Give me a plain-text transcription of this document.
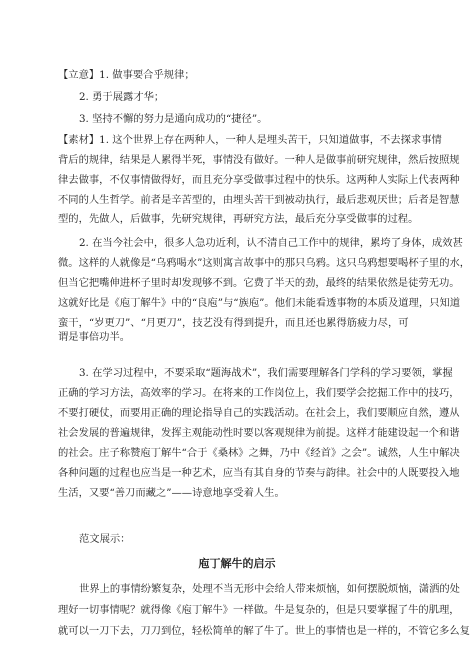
【立意】1. 做事要合乎规律；
2. 勇于展露才华；
3. 坚持不懈的努力是通向成功的“捷径”。
【素材】1. 这个世界上存在两种人，一种人是埋头苦干，只知道做事，不去探求事情
背后的规律，结果是人累得半死，事情没有做好。一种人是做事前研究规律，然后按照规
律去做事，不仅事情做得好，而且充分享受做事过程中的快乐。这两种人实际上代表两种
不同的人生哲学。前者是辛苦型的，由埋头苦干到被动执行，最后悲观厌世；后者是智慧
型的，先做人，后做事，先研究规律，再研究方法，最后充分享受做事的过程。
2. 在当今社会中，很多人急功近利，认不清自己工作中的规律，累垮了身体，成效甚
微。这样的人就像是“乌鸦喝水”这则寓言故事中的那只乌鸦。这只乌鸦想要喝杯子里的水，
但当它把嘴伸进杯子里时却发现够不到。它费了半天的劲，最终的结果依然是徒劳无功。
这就好比是《庖丁解牛》中的“良庖”与“族庖”。他们未能看透事物的本质及道理，只知道
蛮干，“岁更刀”、“月更刀”，技艺没有得到提升，而且还也累得筋疲力尽，可谓是事倍功半。
3. 在学习过程中，不要采取“题海战术”，我们需要理解各门学科的学习要领，掌握
正确的学习方法，高效率的学习。在将来的工作岗位上，我们要学会挖掘工作中的技巧，
不要打硬仗，而要用正确的理论指导自己的实践活动。在社会上，我们要顺应自然，遵从
社会发展的普遍规律，发挥主观能动性时要以客观规律为前提。这样才能建设起一个和谐
的社会。庄子称赞庖丁解牛“合于《桑林》之舞，乃中《经首》之会”。诚然，人生中解决
各种问题的过程也应当是一种艺术，应当有其自身的节奏与韵律。社会中的人既要投入地
生活，又要“善刀而藏之”——诗意地享受着人生。
范文展示：
庖丁解牛的启示
世界上的事情纷繁复杂，处理不当无形中会给人带来烦恼，如何摆脱烦恼，潇洒的处
理好一切事情呢？就得像《庖丁解牛》一样做。牛是复杂的，但是只要掌握了牛的肌理，
就可以一刀下去，刀刀到位，轻松简单的解了牛了。世上的事情也是一样的，不管它多么复
